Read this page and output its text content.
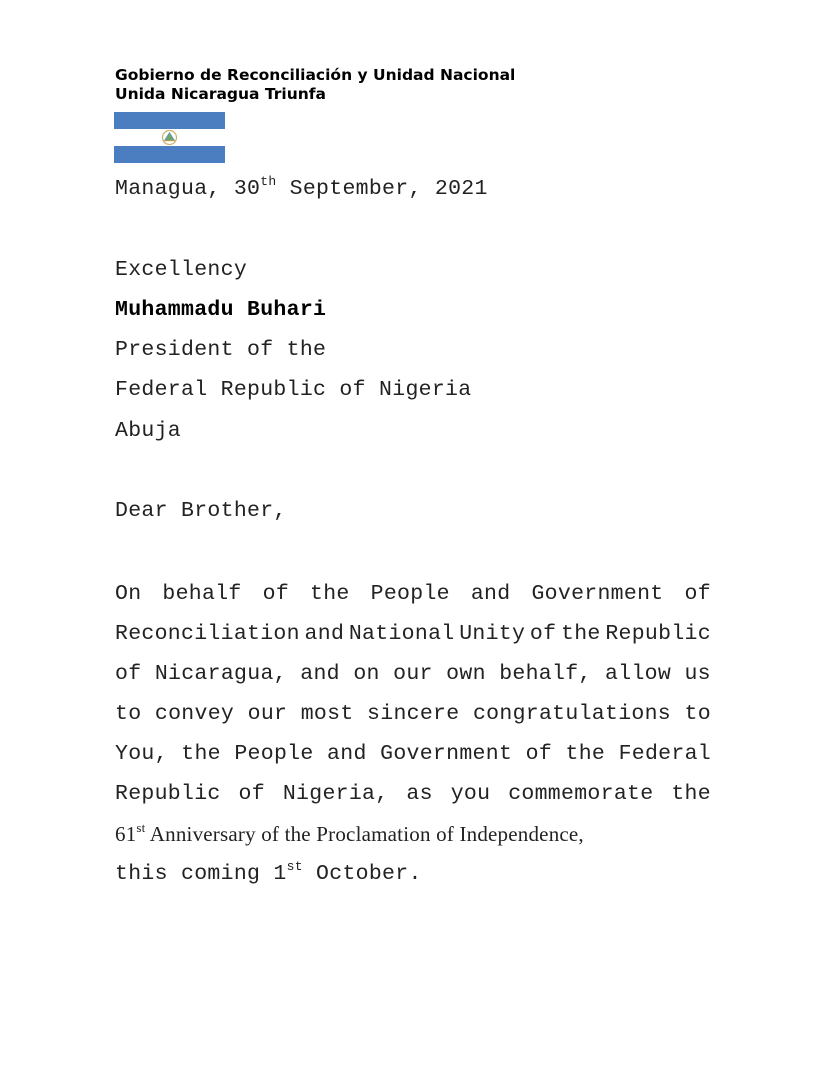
Gobierno de Reconciliación y Unidad Nacional
Unida Nicaragua Triunfa
Managua, 30th September, 2021
Excellency
Muhammadu Buhari
President of the
Federal Republic of Nigeria
Abuja
Dear Brother,
On behalf of the People and Government of
Reconciliation and National Unity of the Republic
of Nicaragua, and on our own behalf, allow us
to convey our most sincere congratulations to
You, the People and Government of the Federal
Republic of Nigeria, as you commemorate the
61st Anniversary of the Proclamation of Independence,
this coming 1st October.
